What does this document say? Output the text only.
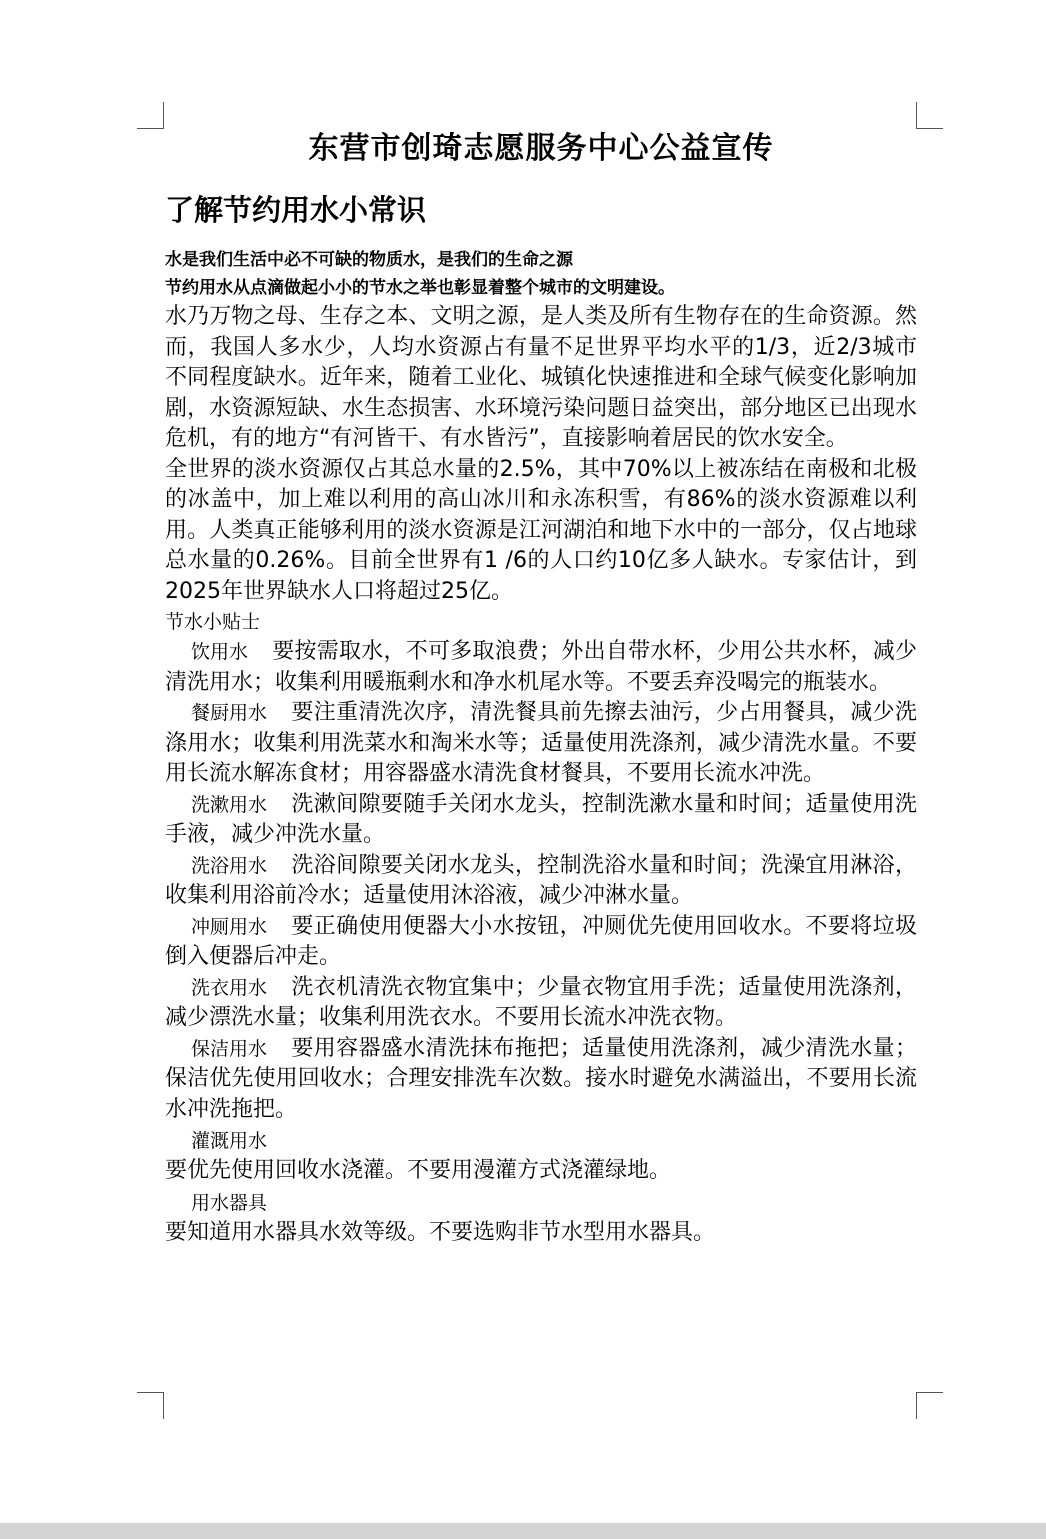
东营市创琦志愿服务中心公益宣传
了解节约用水小常识

水是我们生活中必不可缺的物质水，是我们的生命之源

节约用水从点滴做起小小的节水之举也彰显着整个城市的文明建设。

水乃万物之母、生存之本、文明之源，是人类及所有生物存在的生命资源。然而，我国人多水少，人均水资源占有量不足世界平均水平的1/3，近2/3城市不同程度缺水。近年来，随着工业化、城镇化快速推进和全球气候变化影响加剧，水资源短缺、水生态损害、水环境污染问题日益突出，部分地区已出现水危机，有的地方“有河皆干、有水皆污”，直接影响着居民的饮水安全。

全世界的淡水资源仅占其总水量的2.5%，其中70%以上被冻结在南极和北极的冰盖中，加上难以利用的高山冰川和永冻积雪，有86%的淡水资源难以利用。人类真正能够利用的淡水资源是江河湖泊和地下水中的一部分，仅占地球总水量的0.26%。目前全世界有1 /6的人口约10亿多人缺水。专家估计，到2025年世界缺水人口将超过25亿。

节水小贴士

饮用水 要按需取水，不可多取浪费；外出自带水杯，少用公共水杯，减少清洗用水；收集利用暖瓶剩水和净水机尾水等。不要丢弃没喝完的瓶装水。

餐厨用水 要注重清洗次序，清洗餐具前先擦去油污，少占用餐具，减少洗涤用水；收集利用洗菜水和淘米水等；适量使用洗涤剂，减少清洗水量。不要用长流水解冻食材；用容器盛水清洗食材餐具，不要用长流水冲洗。

洗漱用水 洗漱间隙要随手关闭水龙头，控制洗漱水量和时间；适量使用洗手液，减少冲洗水量。

洗浴用水 洗浴间隙要关闭水龙头，控制洗浴水量和时间；洗澡宜用淋浴，收集利用浴前冷水；适量使用沐浴液，减少冲淋水量。

冲厕用水 要正确使用便器大小水按钮，冲厕优先使用回收水。不要将垃圾倒入便器后冲走。

洗衣用水 洗衣机清洗衣物宜集中；少量衣物宜用手洗；适量使用洗涤剂，减少漂洗水量；收集利用洗衣水。不要用长流水冲洗衣物。

保洁用水 要用容器盛水清洗抹布拖把；适量使用洗涤剂，减少清洗水量；保洁优先使用回收水；合理安排洗车次数。接水时避免水满溢出，不要用长流水冲洗拖把。

灌溉用水

要优先使用回收水浇灌。不要用漫灌方式浇灌绿地。

用水器具

要知道用水器具水效等级。不要选购非节水型用水器具。
